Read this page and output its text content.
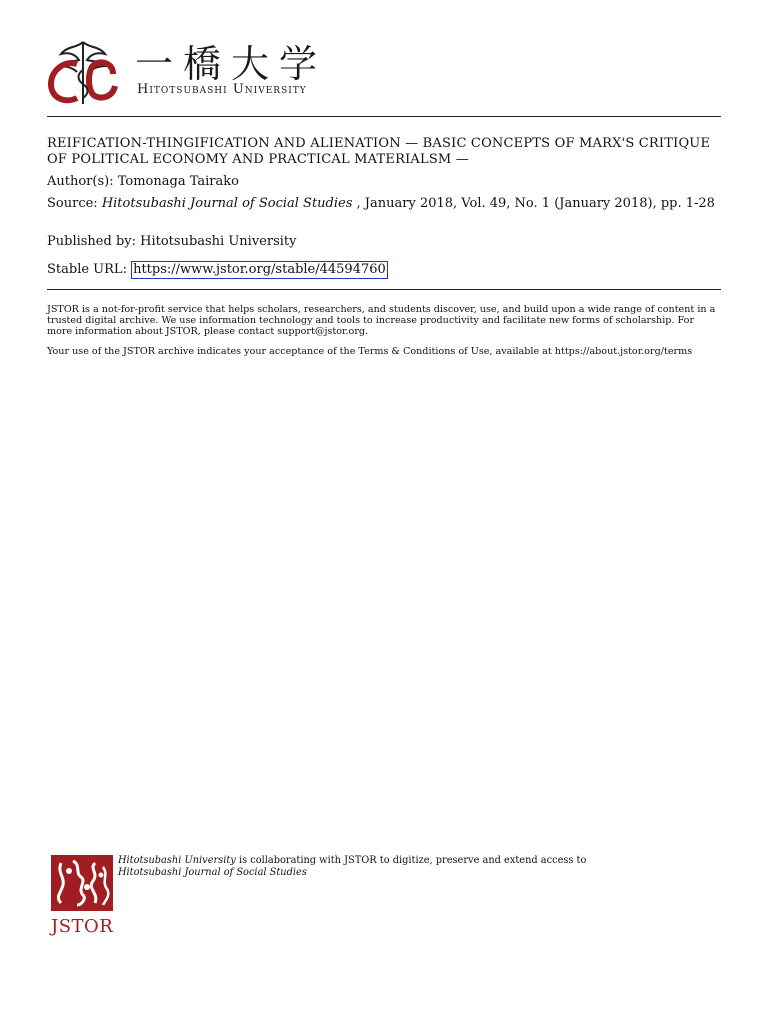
一橋大学
Hitotsubashi University
REIFICATION-THINGIFICATION AND ALIENATION — BASIC CONCEPTS OF MARX'S CRITIQUE OF POLITICAL ECONOMY AND PRACTICAL MATERIALSM —
Author(s): Tomonaga Tairako
Source: Hitotsubashi Journal of Social Studies , January 2018, Vol. 49, No. 1 (January 2018), pp. 1-28
Published by: Hitotsubashi University
Stable URL: https://www.jstor.org/stable/44594760
JSTOR is a not-for-profit service that helps scholars, researchers, and students discover, use, and build upon a wide range of content in a trusted digital archive. We use information technology and tools to increase productivity and facilitate new forms of scholarship. For more information about JSTOR, please contact support@jstor.org.
Your use of the JSTOR archive indicates your acceptance of the Terms & Conditions of Use, available at https://about.jstor.org/terms
JSTOR
Hitotsubashi University is collaborating with JSTOR to digitize, preserve and extend access to
Hitotsubashi Journal of Social Studies
